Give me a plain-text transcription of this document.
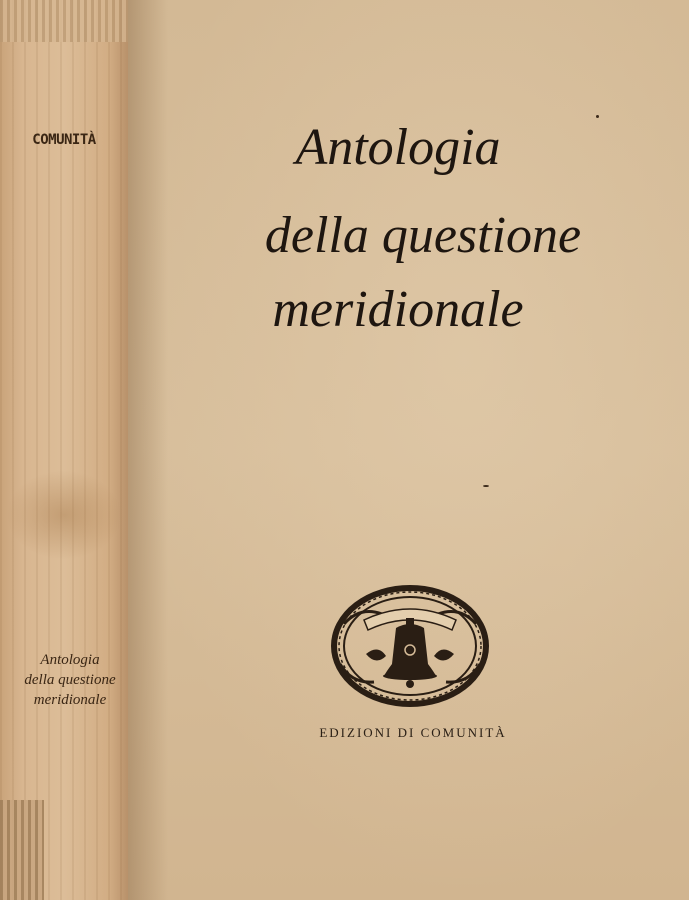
COMUNITÀ
Antologia
della questione
meridionale
Antologia
della questione
meridionale
EDIZIONI DI COMUNITÀ
